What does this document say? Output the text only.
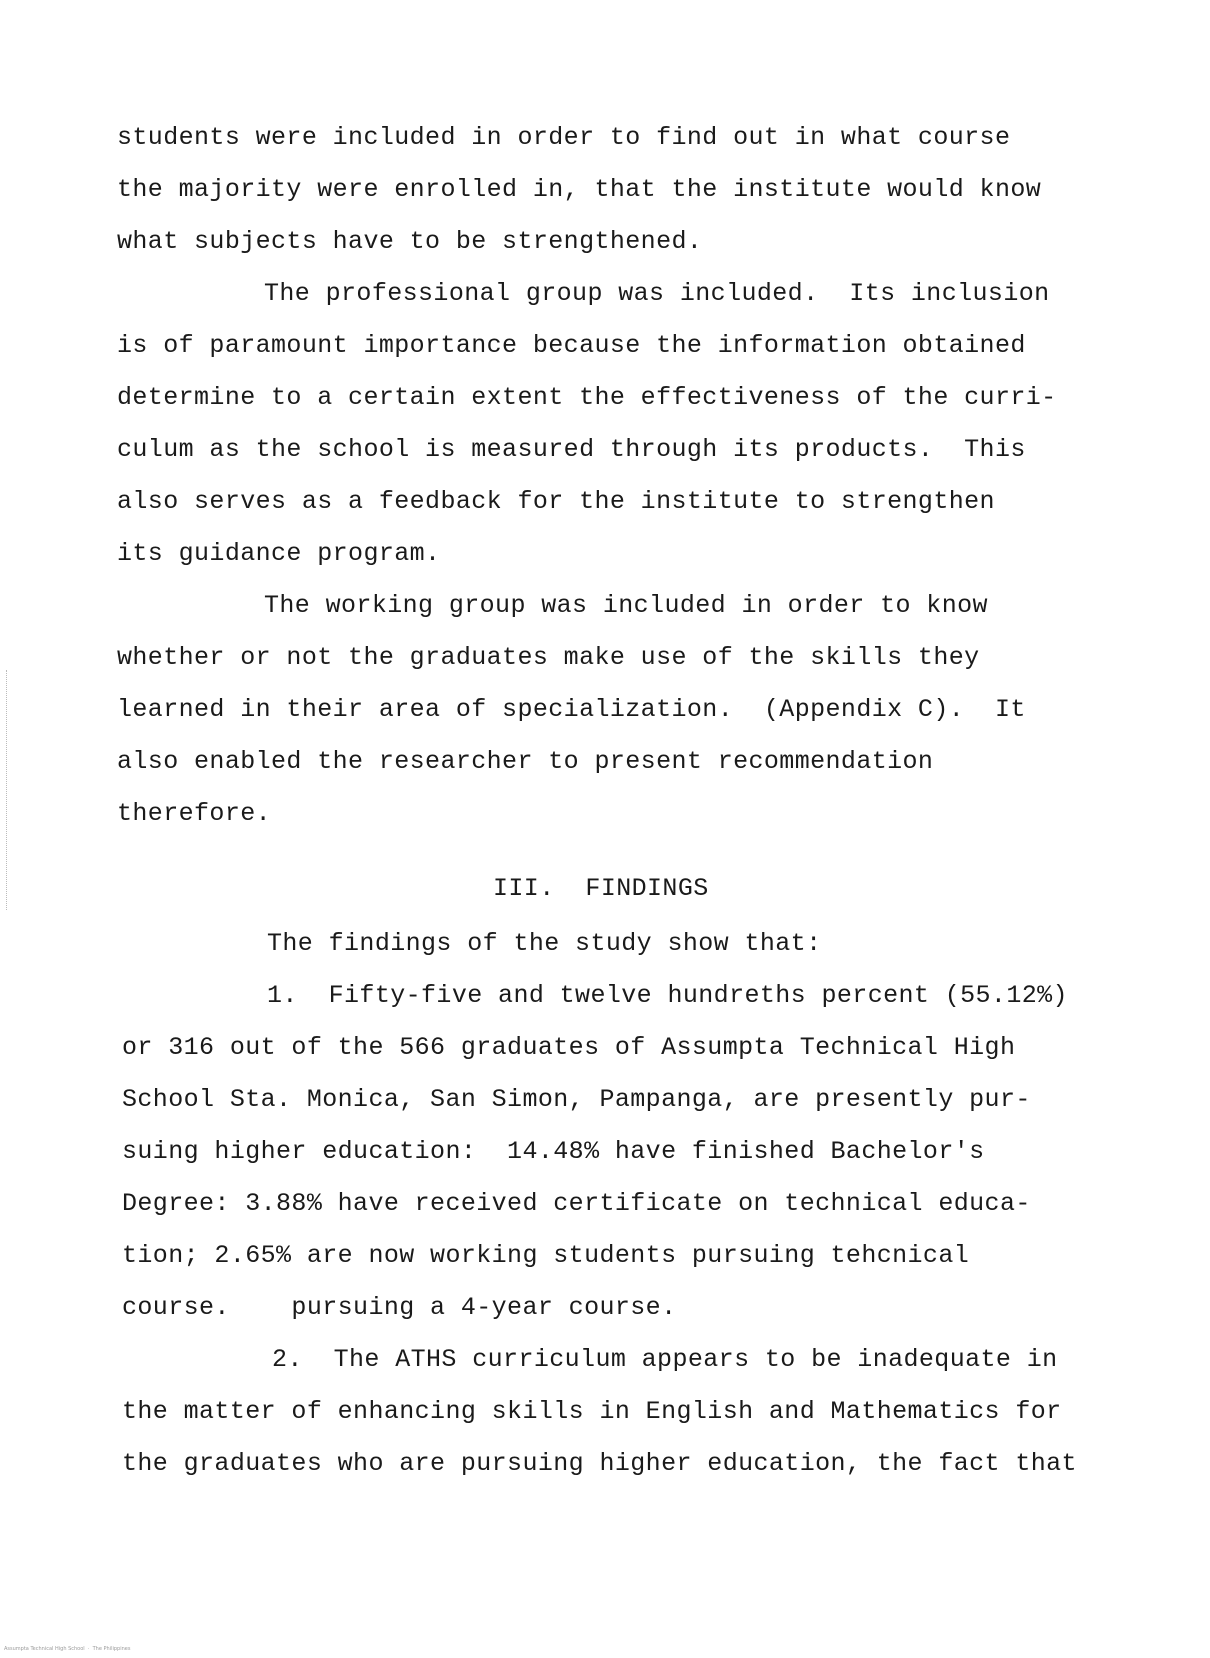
students were included in order to find out in what course
the majority were enrolled in, that the institute would know
what subjects have to be strengthened.
The professional group was included.  Its inclusion
is of paramount importance because the information obtained
determine to a certain extent the effectiveness of the curri-
culum as the school is measured through its products.  This
also serves as a feedback for the institute to strengthen
its guidance program.
The working group was included in order to know
whether or not the graduates make use of the skills they
learned in their area of specialization.  (Appendix C).  It
also enabled the researcher to present recommendation
therefore.
III.  FINDINGS
The findings of the study show that:
1.  Fifty-five and twelve hundreths percent (55.12%)
or 316 out of the 566 graduates of Assumpta Technical High
School Sta. Monica, San Simon, Pampanga, are presently pur-
suing higher education:  14.48% have finished Bachelor's
Degree: 3.88% have received certificate on technical educa-
tion; 2.65% are now working students pursuing tehcnical
course.    pursuing a 4-year course.
2.  The ATHS curriculum appears to be inadequate in
the matter of enhancing skills in English and Mathematics for
the graduates who are pursuing higher education, the fact that
Assumpta Technical High School  ·  The Philippines
